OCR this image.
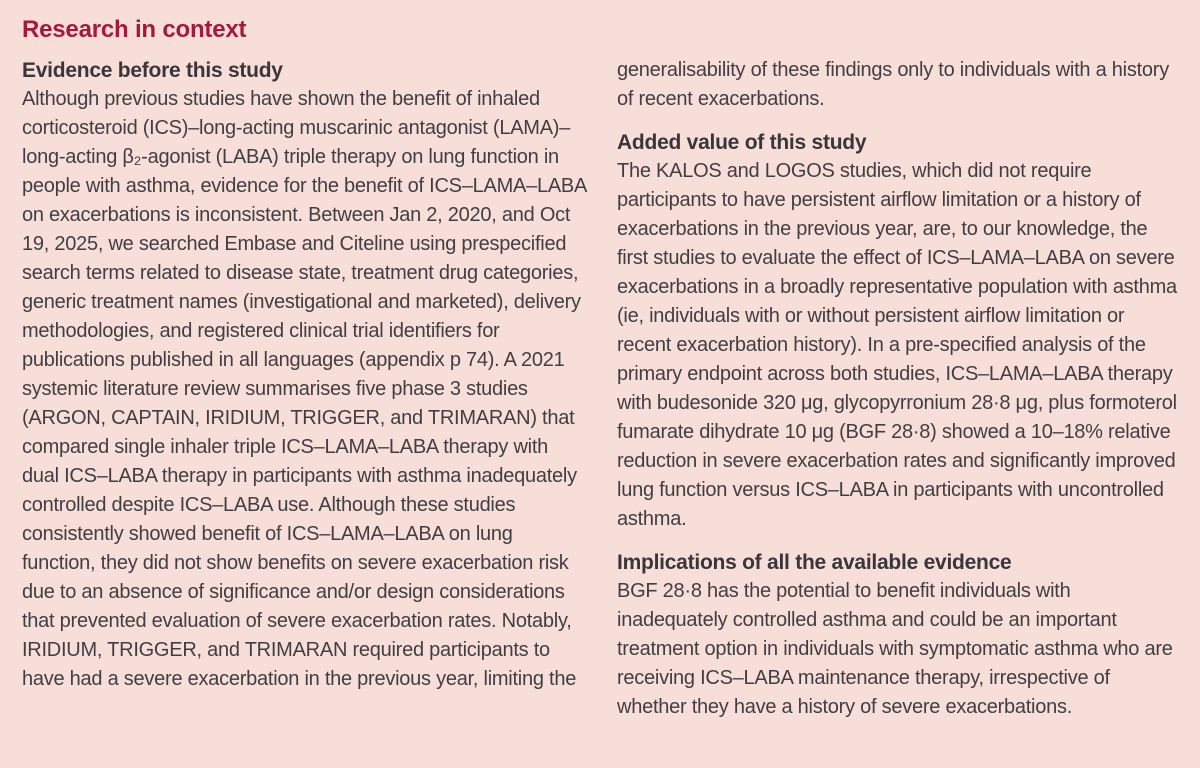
Research in context
Evidence before this study

Although previous studies have shown the benefit of inhaled corticosteroid (ICS)–long-acting muscarinic antagonist (LAMA)–long-acting β₂-agonist (LABA) triple therapy on lung function in people with asthma, evidence for the benefit of ICS–LAMA–LABA on exacerbations is inconsistent. Between Jan 2, 2020, and Oct 19, 2025, we searched Embase and Citeline using prespecified search terms related to disease state, treatment drug categories, generic treatment names (investigational and marketed), delivery methodologies, and registered clinical trial identifiers for publications published in all languages (appendix p 74). A 2021 systemic literature review summarises five phase 3 studies (ARGON, CAPTAIN, IRIDIUM, TRIGGER, and TRIMARAN) that compared single inhaler triple ICS–LAMA–LABA therapy with dual ICS–LABA therapy in participants with asthma inadequately controlled despite ICS–LABA use. Although these studies consistently showed benefit of ICS–LAMA–LABA on lung function, they did not show benefits on severe exacerbation risk due to an absence of significance and/or design considerations that prevented evaluation of severe exacerbation rates. Notably, IRIDIUM, TRIGGER, and TRIMARAN required participants to have had a severe exacerbation in the previous year, limiting the

generalisability of these findings only to individuals with a history of recent exacerbations.

Added value of this study

The KALOS and LOGOS studies, which did not require participants to have persistent airflow limitation or a history of exacerbations in the previous year, are, to our knowledge, the first studies to evaluate the effect of ICS–LAMA–LABA on severe exacerbations in a broadly representative population with asthma (ie, individuals with or without persistent airflow limitation or recent exacerbation history). In a pre-specified analysis of the primary endpoint across both studies, ICS–LAMA–LABA therapy with budesonide 320 μg, glycopyrronium 28·8 μg, plus formoterol fumarate dihydrate 10 μg (BGF 28·8) showed a 10–18% relative reduction in severe exacerbation rates and significantly improved lung function versus ICS–LABA in participants with uncontrolled asthma.

Implications of all the available evidence

BGF 28·8 has the potential to benefit individuals with inadequately controlled asthma and could be an important treatment option in individuals with symptomatic asthma who are receiving ICS–LABA maintenance therapy, irrespective of whether they have a history of severe exacerbations.
